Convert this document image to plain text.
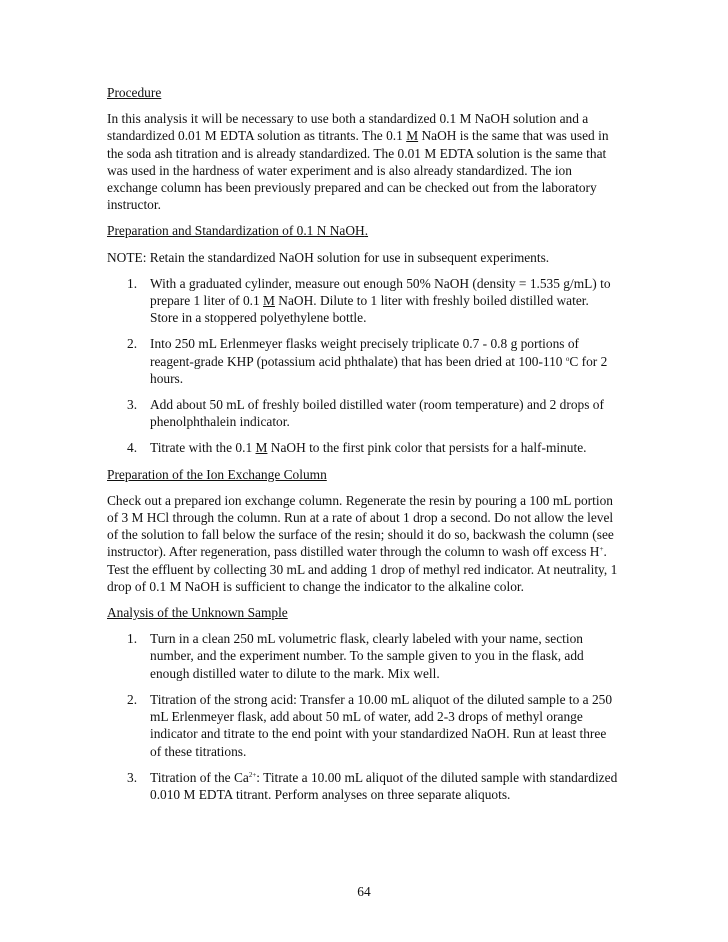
Procedure

In this analysis it will be necessary to use both a standardized 0.1 M NaOH solution and a standardized 0.01 M EDTA solution as titrants. The 0.1 M NaOH is the same that was used in the soda ash titration and is already standardized. The 0.01 M EDTA solution is the same that was used in the hardness of water experiment and is also already standardized. The ion exchange column has been previously prepared and can be checked out from the laboratory instructor.

Preparation and Standardization of 0.1 N NaOH.

NOTE: Retain the standardized NaOH solution for use in subsequent experiments.

1. With a graduated cylinder, measure out enough 50% NaOH (density = 1.535 g/mL) to prepare 1 liter of 0.1 M NaOH. Dilute to 1 liter with freshly boiled distilled water. Store in a stoppered polyethylene bottle.
2. Into 250 mL Erlenmeyer flasks weight precisely triplicate 0.7 - 0.8 g portions of reagent-grade KHP (potassium acid phthalate) that has been dried at 100-110 $^o$C for 2 hours.
3. Add about 50 mL of freshly boiled distilled water (room temperature) and 2 drops of phenolphthalein indicator.
4. Titrate with the 0.1 M NaOH to the first pink color that persists for a half-minute.
Preparation of the Ion Exchange Column

Check out a prepared ion exchange column. Regenerate the resin by pouring a 100 mL portion of 3 M HCl through the column. Run at a rate of about 1 drop a second. Do not allow the level of the solution to fall below the surface of the resin; should it do so, backwash the column (see instructor). After regeneration, pass distilled water through the column to wash off excess H+. Test the effluent by collecting 30 mL and adding 1 drop of methyl red indicator. At neutrality, 1 drop of 0.1 M NaOH is sufficient to change the indicator to the alkaline color.

Analysis of the Unknown Sample
1. Turn in a clean 250 mL volumetric flask, clearly labeled with your name, section number, and the experiment number. To the sample given to you in the flask, add enough distilled water to dilute to the mark. Mix well.
2. Titration of the strong acid: Transfer a 10.00 mL aliquot of the diluted sample to a 250 mL Erlenmeyer flask, add about 50 mL of water, add 2-3 drops of methyl orange indicator and titrate to the end point with your standardized NaOH. Run at least three of these titrations.
3. Titration of the $Ca^{2+}$: Titrate a 10.00 mL aliquot of the diluted sample with standardized 0.010 M EDTA titrant. Perform analyses on three separate aliquots.
64
